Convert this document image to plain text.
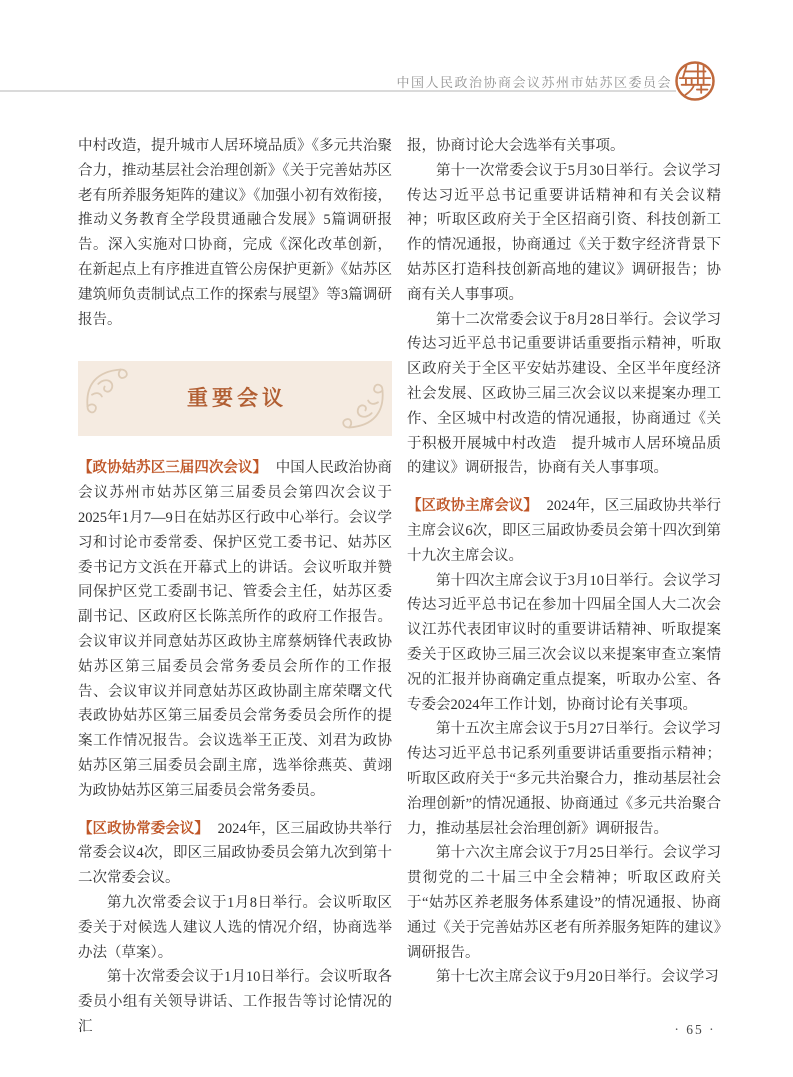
中国人民政治协商会议苏州市姑苏区委员会

中村改造，提升城市人居环境品质》《多元共治聚合力，推动基层社会治理创新》《关于完善姑苏区老有所养服务矩阵的建议》《加强小初有效衔接，推动义务教育全学段贯通融合发展》5篇调研报告。深入实施对口协商，完成《深化改革创新，在新起点上有序推进直管公房保护更新》《姑苏区建筑师负责制试点工作的探索与展望》等3篇调研报告。

重要会议

【政协姑苏区三届四次会议】 中国人民政治协商会议苏州市姑苏区第三届委员会第四次会议于2025年1月7—9日在姑苏区行政中心举行。会议学习和讨论市委常委、保护区党工委书记、姑苏区委书记方文浜在开幕式上的讲话。会议听取并赞同保护区党工委副书记、管委会主任，姑苏区委副书记、区政府区长陈羔所作的政府工作报告。会议审议并同意姑苏区政协主席蔡炳锋代表政协姑苏区第三届委员会常务委员会所作的工作报告、会议审议并同意姑苏区政协副主席荣曙文代表政协姑苏区第三届委员会常务委员会所作的提案工作情况报告。会议选举王正茂、刘君为政协姑苏区第三届委员会副主席，选举徐燕英、黄翊为政协姑苏区第三届委员会常务委员。

【区政协常委会议】 2024年，区三届政协共举行常委会议4次，即区三届政协委员会第九次到第十二次常委会议。

第九次常委会议于1月8日举行。会议听取区委关于对候选人建议人选的情况介绍，协商选举办法（草案）。

第十次常委会议于1月10日举行。会议听取各委员小组有关领导讲话、工作报告等讨论情况的汇

报，协商讨论大会选举有关事项。

第十一次常委会议于5月30日举行。会议学习传达习近平总书记重要讲话精神和有关会议精神；听取区政府关于全区招商引资、科技创新工作的情况通报，协商通过《关于数字经济背景下姑苏区打造科技创新高地的建议》调研报告；协商有关人事事项。

第十二次常委会议于8月28日举行。会议学习传达习近平总书记重要讲话重要指示精神，听取区政府关于全区平安姑苏建设、全区半年度经济社会发展、区政协三届三次会议以来提案办理工作、全区城中村改造的情况通报，协商通过《关于积极开展城中村改造　提升城市人居环境品质的建议》调研报告，协商有关人事事项。

【区政协主席会议】 2024年，区三届政协共举行主席会议6次，即区三届政协委员会第十四次到第十九次主席会议。

第十四次主席会议于3月10日举行。会议学习传达习近平总书记在参加十四届全国人大二次会议江苏代表团审议时的重要讲话精神、听取提案委关于区政协三届三次会议以来提案审查立案情况的汇报并协商确定重点提案，听取办公室、各专委会2024年工作计划，协商讨论有关事项。

第十五次主席会议于5月27日举行。会议学习传达习近平总书记系列重要讲话重要指示精神；听取区政府关于“多元共治聚合力，推动基层社会治理创新”的情况通报、协商通过《多元共治聚合力，推动基层社会治理创新》调研报告。

第十六次主席会议于7月25日举行。会议学习贯彻党的二十届三中全会精神；听取区政府关于“姑苏区养老服务体系建设”的情况通报、协商通过《关于完善姑苏区老有所养服务矩阵的建议》调研报告。

第十七次主席会议于9月20日举行。会议学习

· 65 ·
